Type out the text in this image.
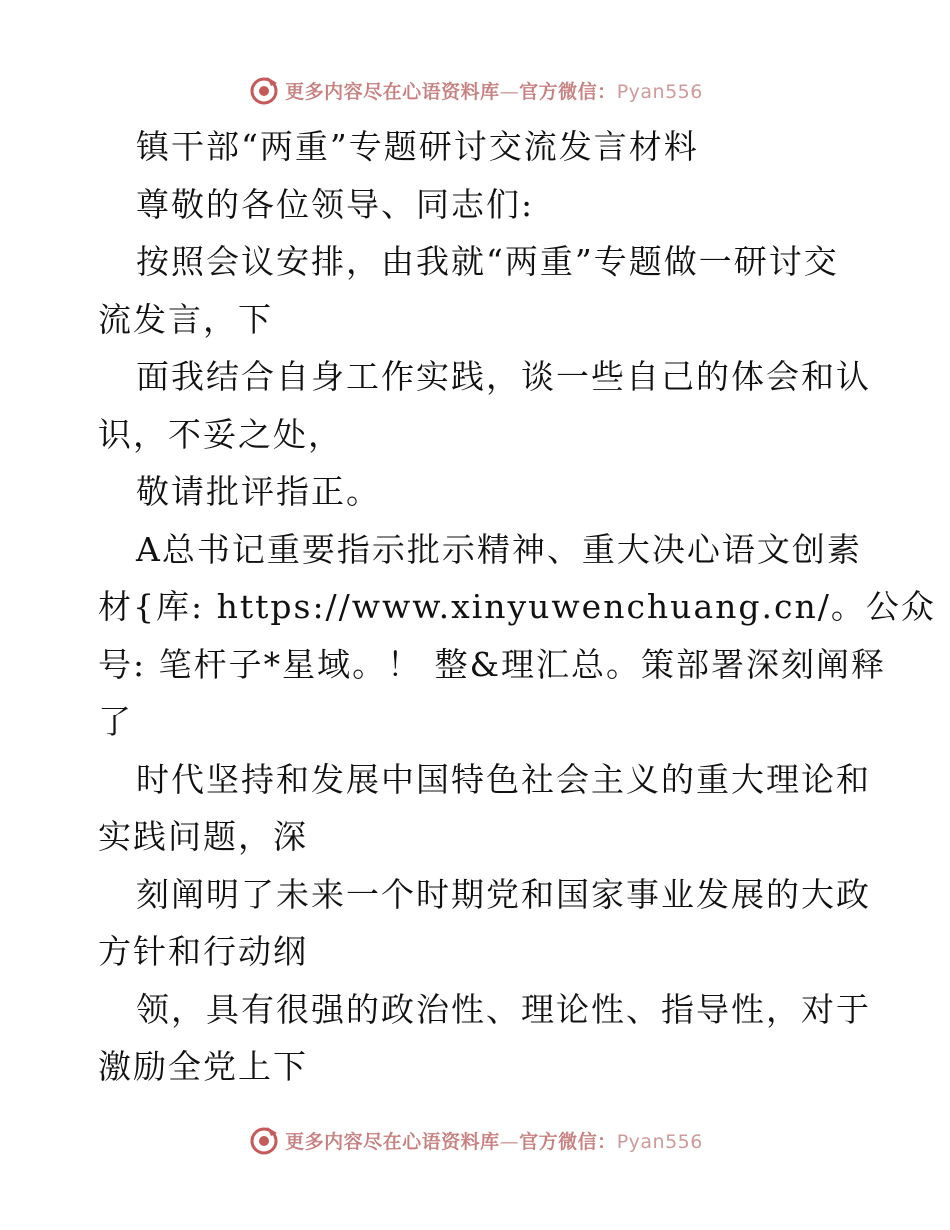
更多内容尽在心语资料库—官方微信：Pyan556
镇干部“两重”专题研讨交流发言材料
尊敬的各位领导、同志们:
按照会议安排，由我就“两重”专题做一研讨交
流发言，下
面我结合自身工作实践，谈一些自己的体会和认
识，不妥之处，
敬请批评指正。
A总书记重要指示批示精神、重大决心语文创素
材{库: https://www.xinyuwenchuang.cn/。公众
号: 笔杆子*星域。！ 整&理汇总。策部署深刻阐释
了
时代坚持和发展中国特色社会主义的重大理论和
实践问题，深
刻阐明了未来一个时期党和国家事业发展的大政
方针和行动纲
领，具有很强的政治性、理论性、指导性，对于
激励全党上下
更多内容尽在心语资料库—官方微信：Pyan556
